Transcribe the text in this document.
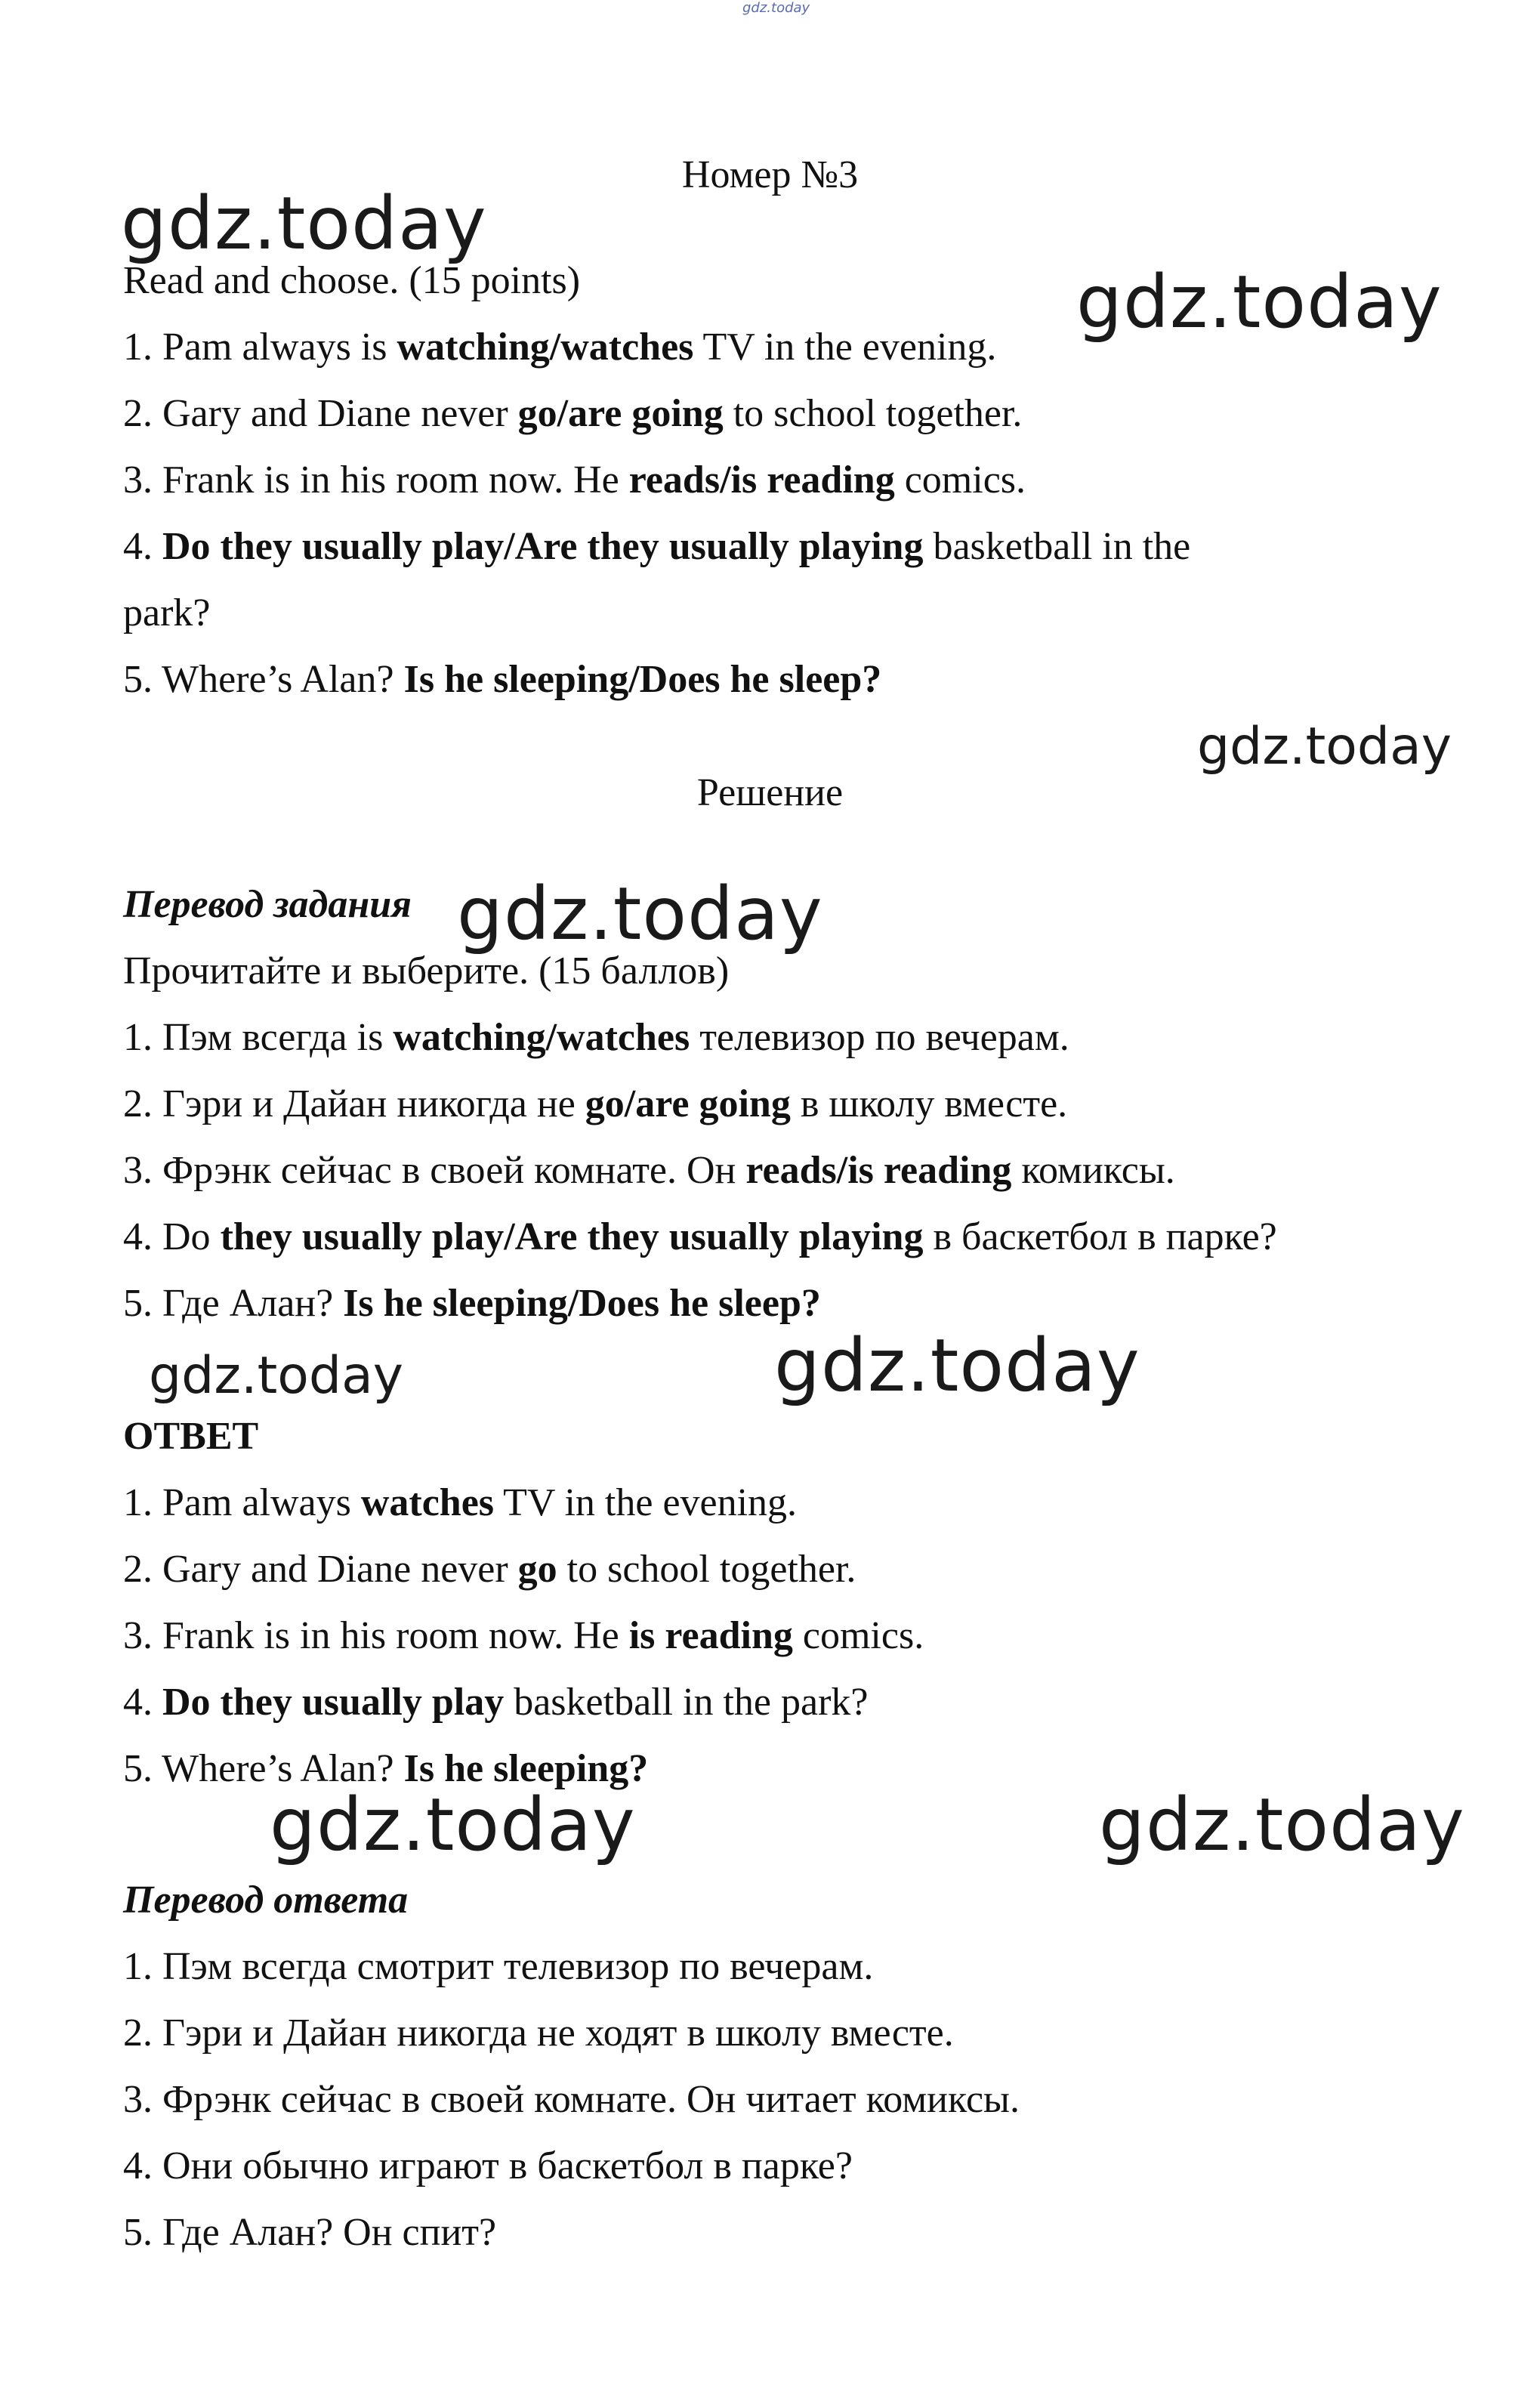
gdz.today
Номер №3
Read and choose. (15 points)
1. Pam always is watching/watches TV in the evening.
2. Gary and Diane never go/are going to school together.
3. Frank is in his room now. He reads/is reading comics.
4. Do they usually play/Are they usually playing basketball in the
park?
5. Where’s Alan? Is he sleeping/Does he sleep?
Решение
Перевод задания
Прочитайте и выберите. (15 баллов)
1. Пэм всегда is watching/watches телевизор по вечерам.
2. Гэри и Дайан никогда не go/are going в школу вместе.
3. Фрэнк сейчас в своей комнате. Он reads/is reading комиксы.
4. Do they usually play/Are they usually playing в баскетбол в парке?
5. Где Алан? Is he sleeping/Does he sleep?
ОТВЕТ
1. Pam always watches TV in the evening.
2. Gary and Diane never go to school together.
3. Frank is in his room now. He is reading comics.
4. Do they usually play basketball in the park?
5. Where’s Alan? Is he sleeping?
Перевод ответа
1. Пэм всегда смотрит телевизор по вечерам.
2. Гэри и Дайан никогда не ходят в школу вместе.
3. Фрэнк сейчас в своей комнате. Он читает комиксы.
4. Они обычно играют в баскетбол в парке?
5. Где Алан? Он спит?
gdz.today
gdz.today
gdz.today
gdz.today
gdz.today	gdz.today
gdz.today	gdz.today
